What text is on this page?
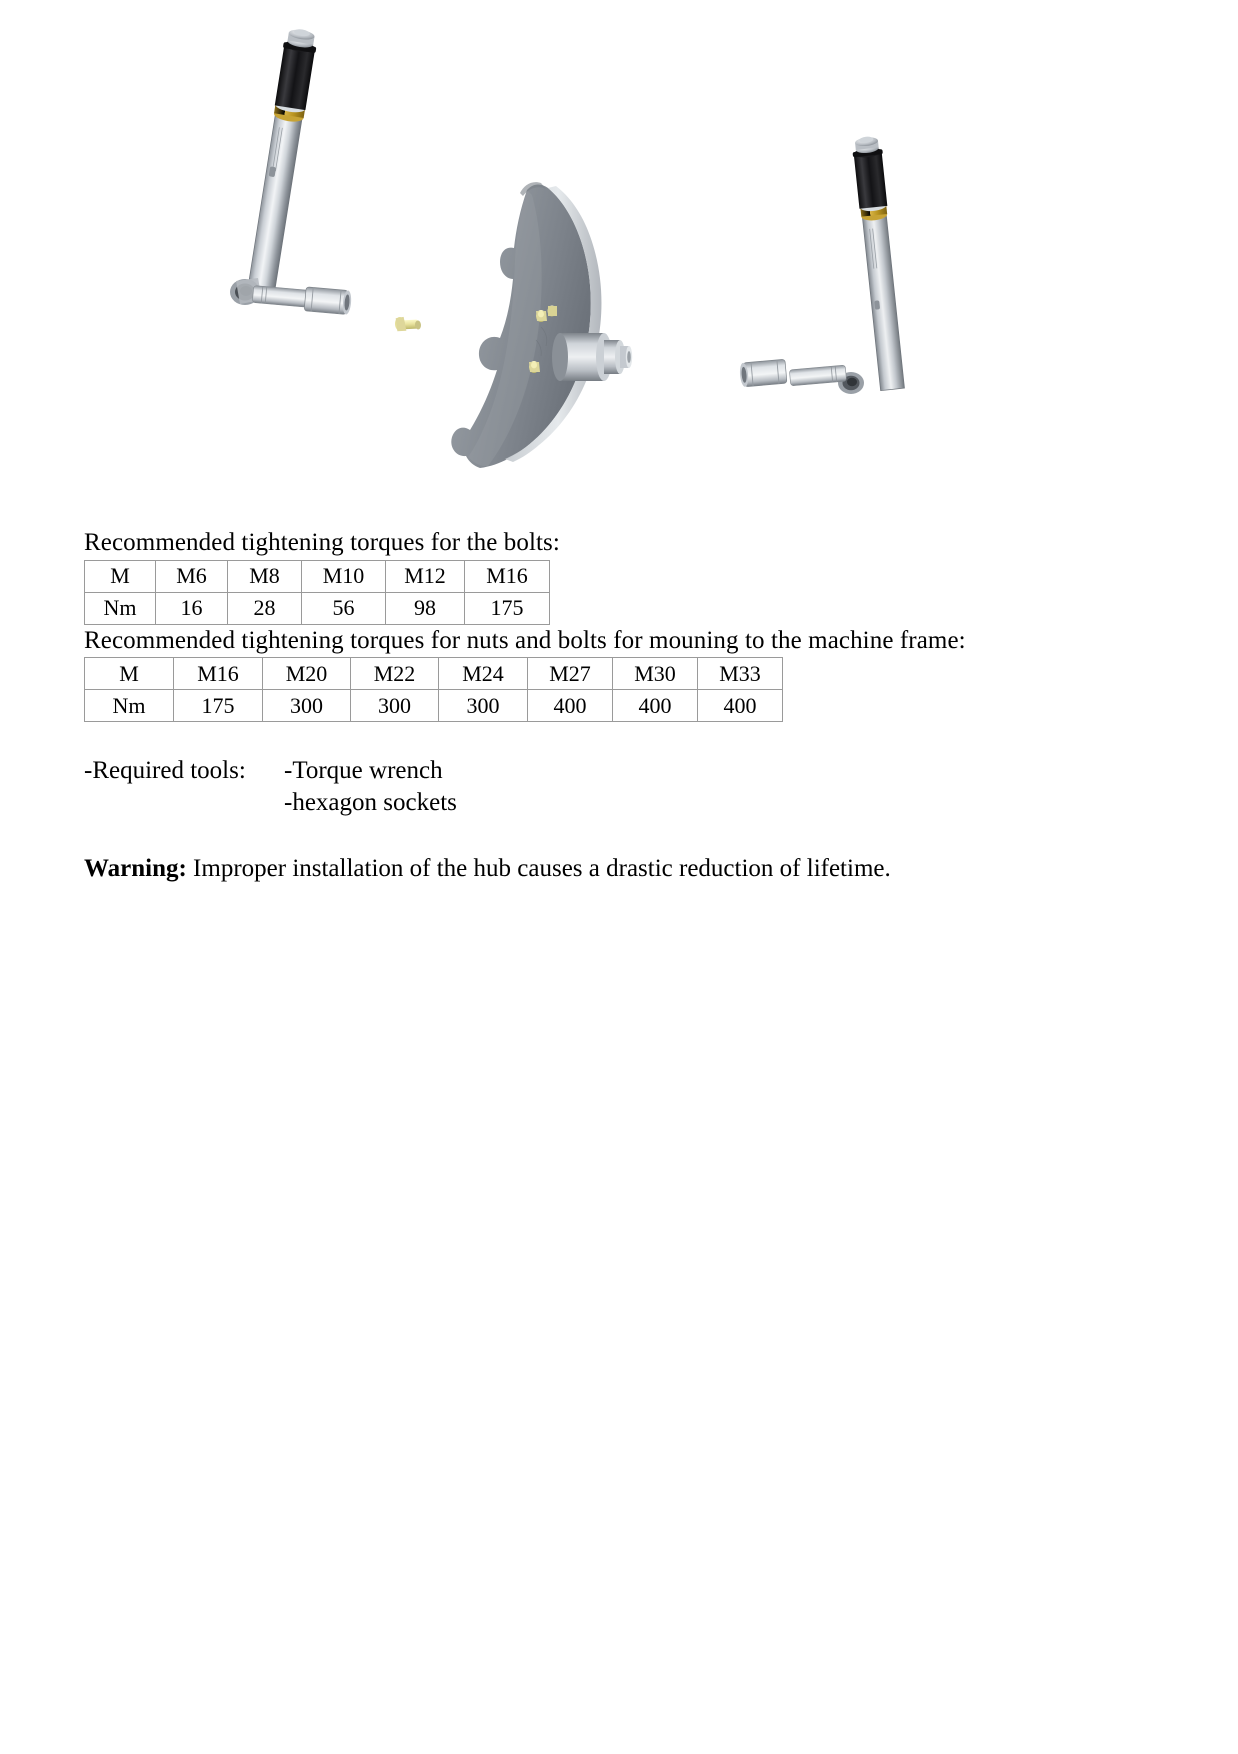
Recommended tightening torques for the bolts:
M	M6	M8	M10	M12	M16
Nm	16	28	56	98	175
Recommended tightening torques for nuts and bolts for mouning to the machine frame:
M	M16	M20	M22	M24	M27	M30	M33
Nm	175	300	300	300	400	400	400
-Required tools: -Torque wrench
-hexagon sockets
Warning: Improper installation of the hub causes a drastic reduction of lifetime.
